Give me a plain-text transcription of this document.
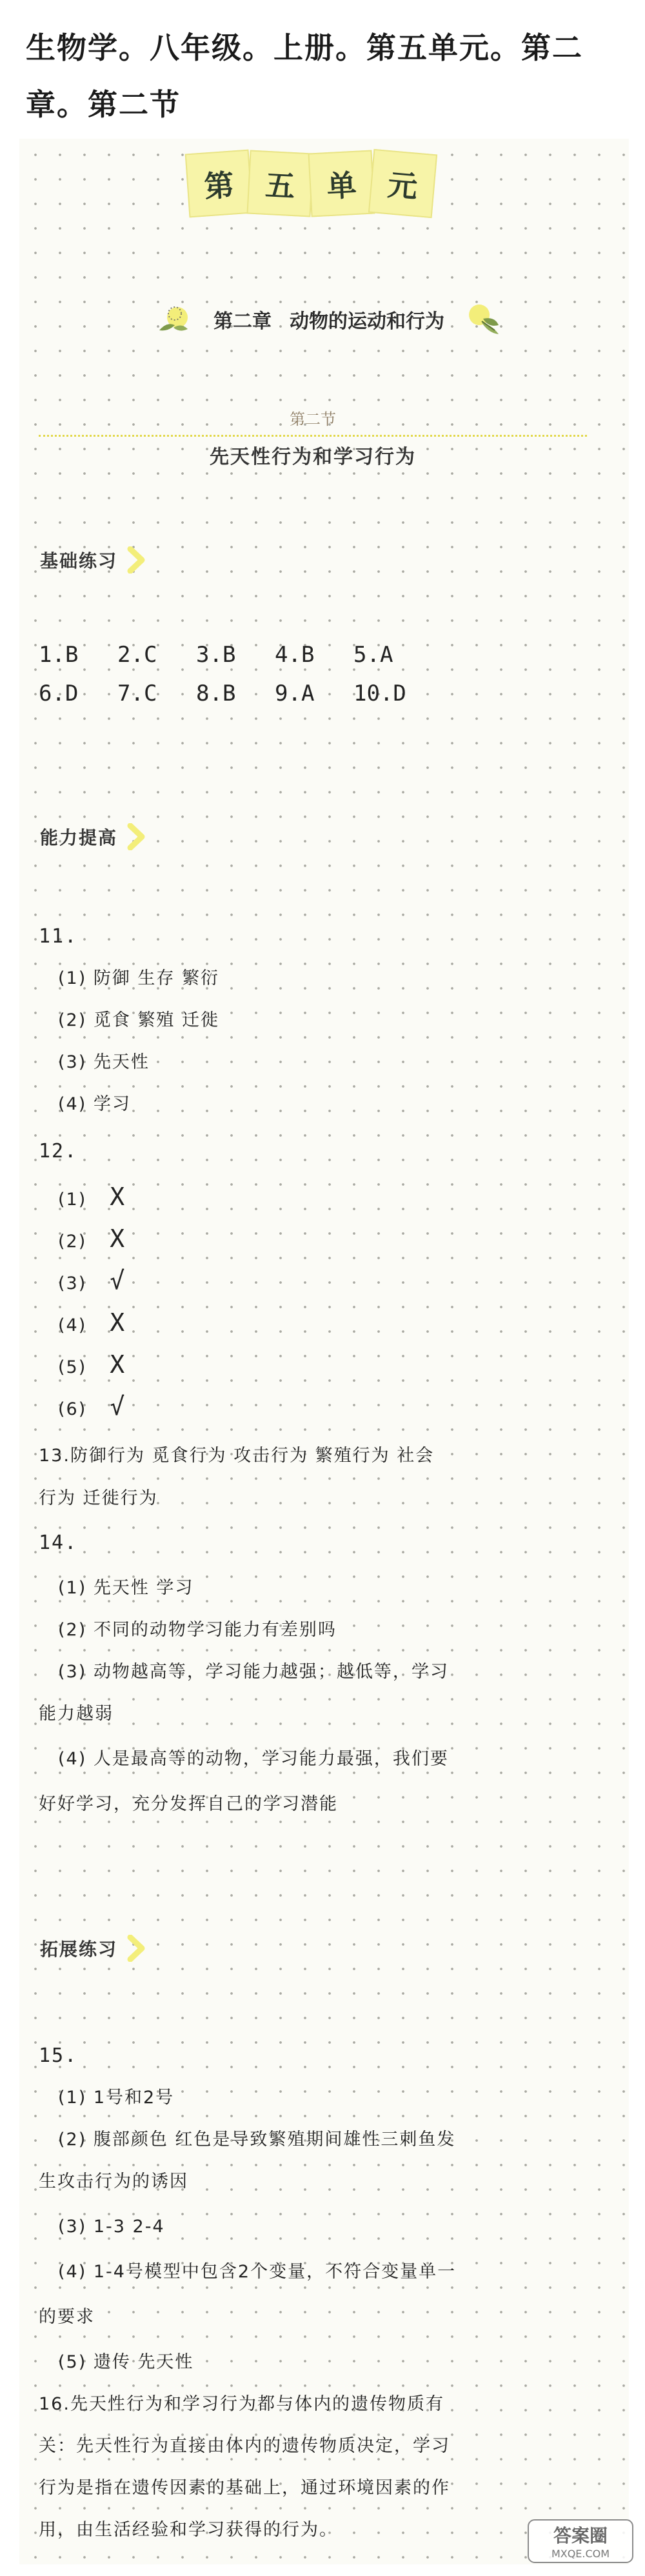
生物学。八年级。上册。第五单元。第二章。第二节
第 五	单 元
第二章 动物的运动和行为
第二节
先天性行为和学习行为
基础练习
1.B 2.C 3.B 4.B 5.A
6.D 7.C 8.B 9.A 10.D
能力提高
11.
(1) 防御 生存 繁衍
(2) 觅食 繁殖 迁徙
(3) 先天性
(4) 学习
12.
(1) X
(2) X
(3) √
(4) X
(5) X
(6) √
13.防御行为 觅食行为 攻击行为 繁殖行为 社会
行为 迁徙行为
14.
(1) 先天性 学习
(2) 不同的动物学习能力有差别吗
(3) 动物越高等，学习能力越强；越低等，学习
能力越弱
(4) 人是最高等的动物，学习能力最强，我们要
好好学习，充分发挥自己的学习潜能
拓展练习
15.
(1) 1号和2号
(2) 腹部颜色 红色是导致繁殖期间雄性三刺鱼发
生攻击行为的诱因
(3) 1-3 2-4
(4) 1-4号模型中包含2个变量，不符合变量单一
的要求
(5) 遗传 先天性
16.先天性行为和学习行为都与体内的遗传物质有
关：先天性行为直接由体内的遗传物质决定，学习
行为是指在遗传因素的基础上，通过环境因素的作
用，由生活经验和学习获得的行为。	答案圈
MXQE.COM
